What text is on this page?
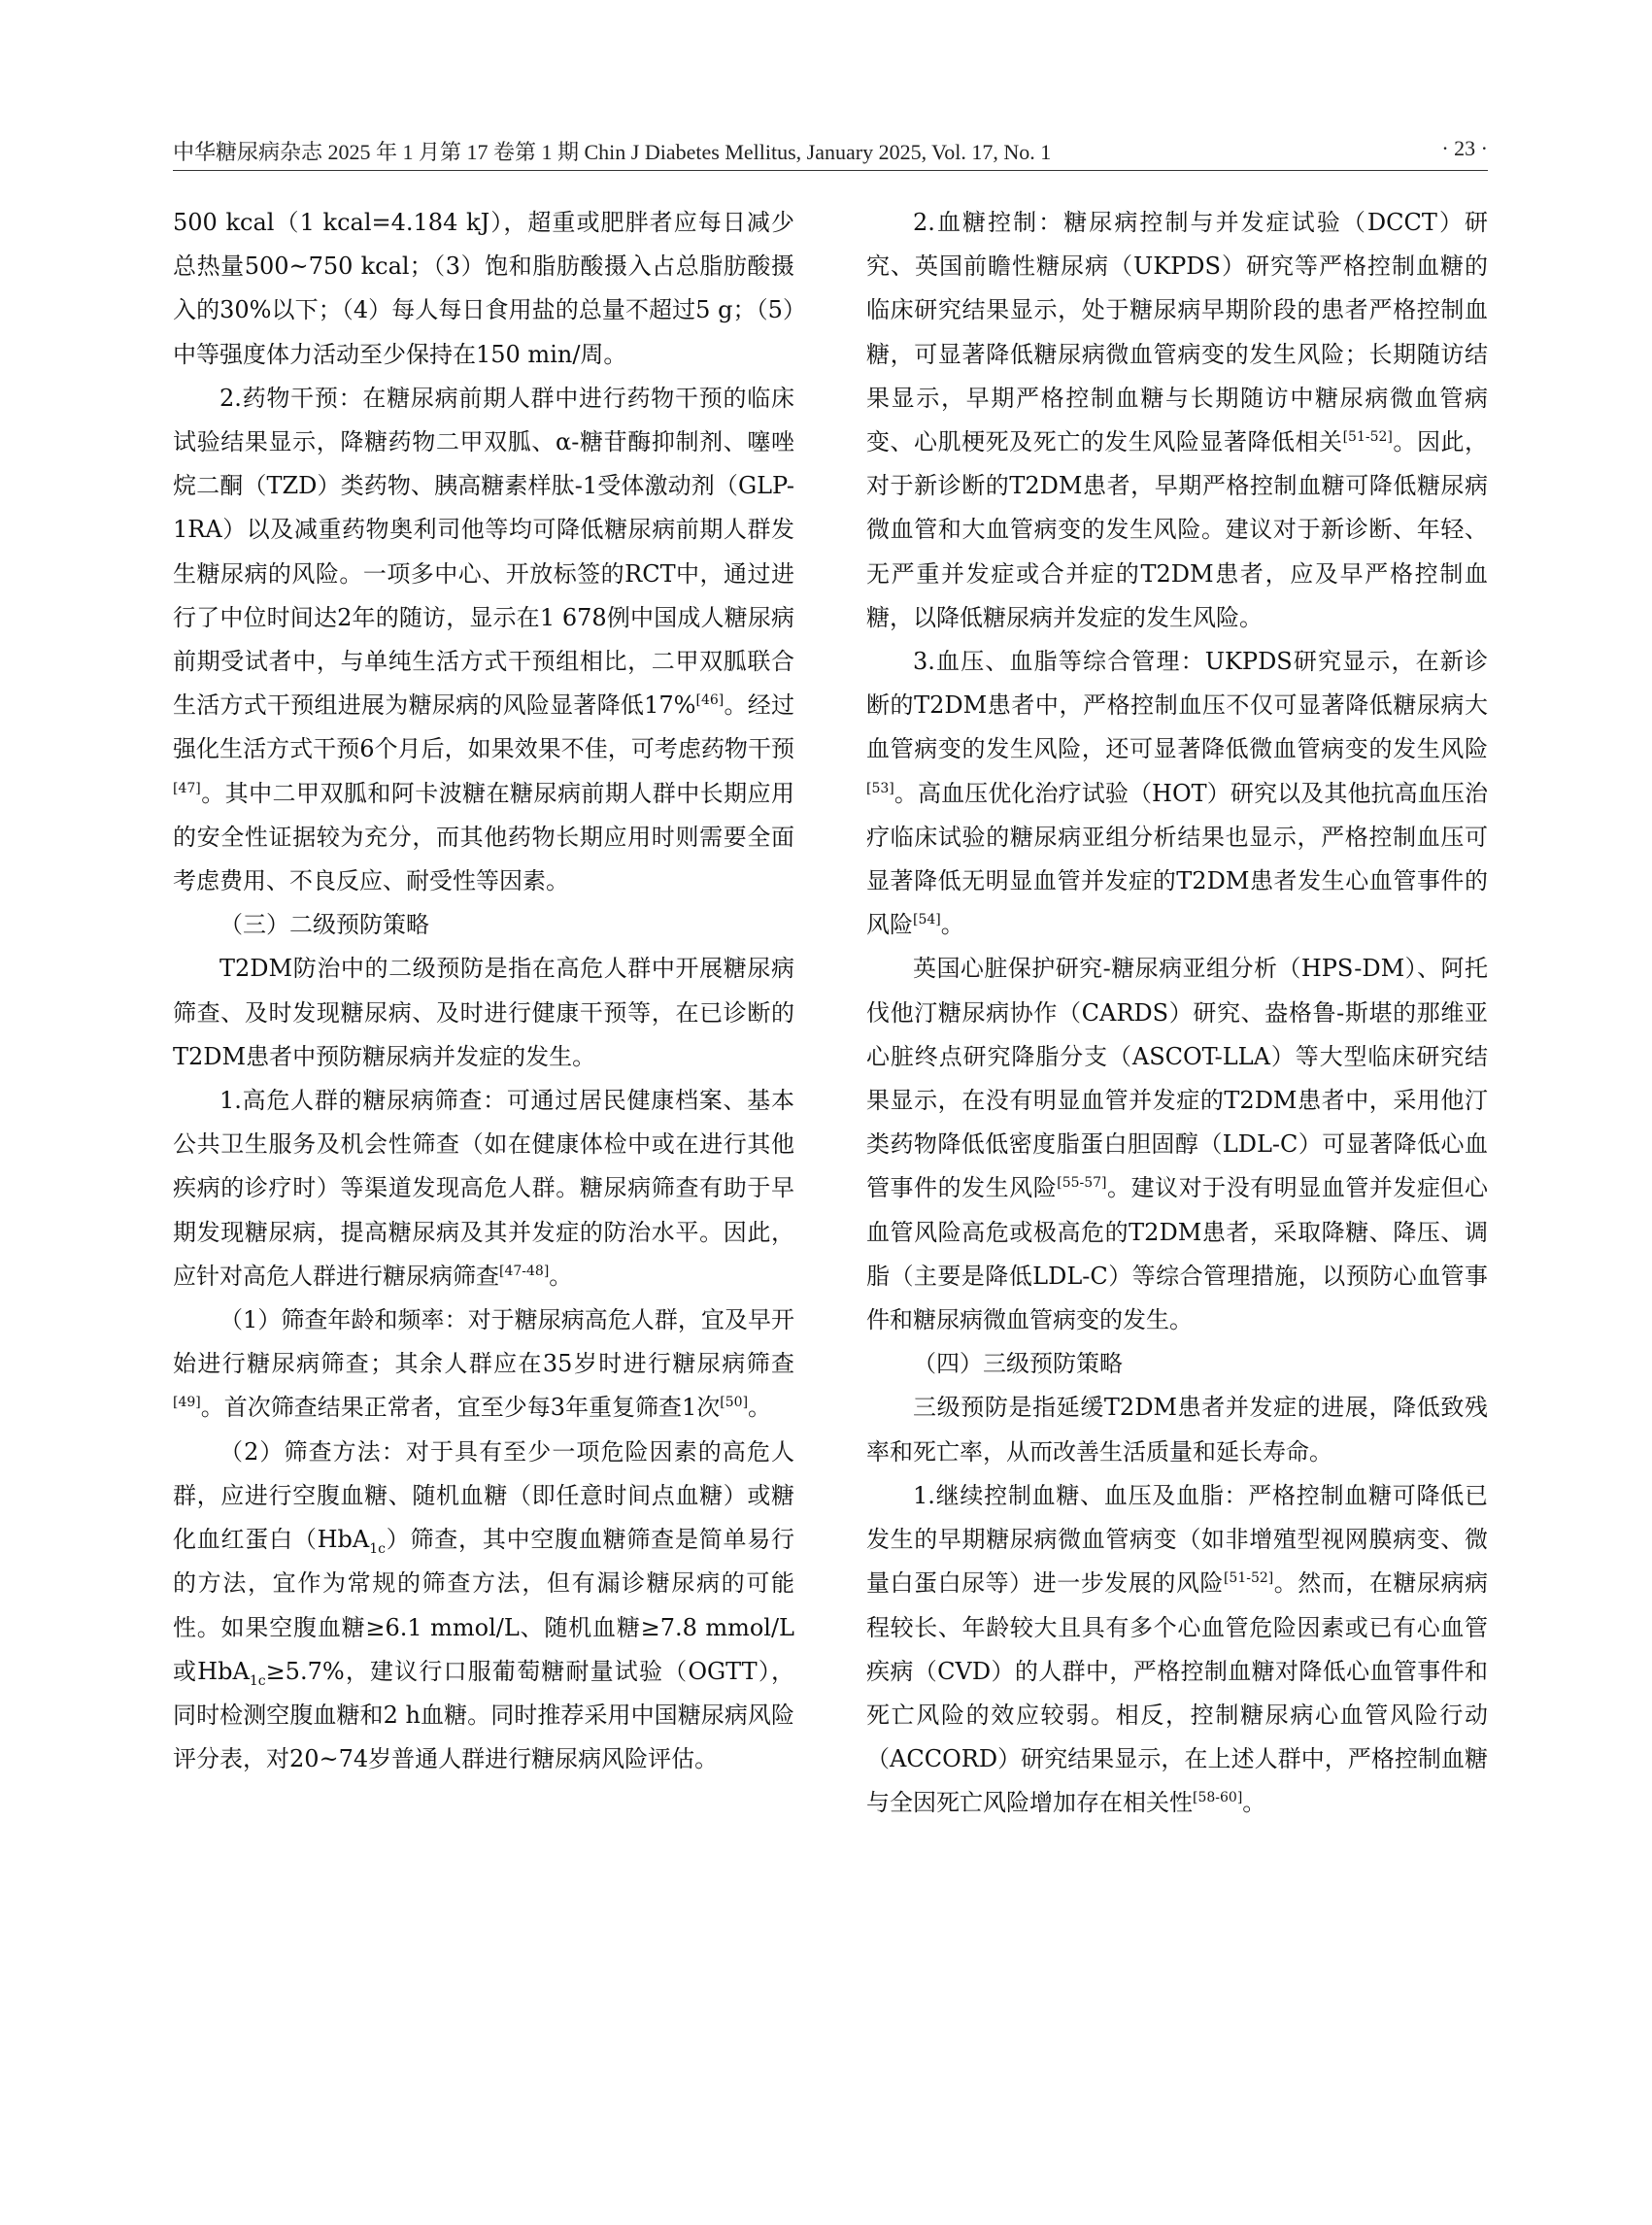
中华糖尿病杂志 2025 年 1 月第 17 卷第 1 期 Chin J Diabetes Mellitus, January 2025, Vol. 17, No. 1	· 23 ·

500 kcal（1 kcal=4.184 kJ），超重或肥胖者应每日减少总热量500~750 kcal；（3）饱和脂肪酸摄入占总脂肪酸摄入的30%以下；（4）每人每日食用盐的总量不超过5 g；（5）中等强度体力活动至少保持在150 min/周。

2.药物干预：在糖尿病前期人群中进行药物干预的临床试验结果显示，降糖药物二甲双胍、α-糖苷酶抑制剂、噻唑烷二酮（TZD）类药物、胰高糖素样肽-1受体激动剂（GLP-1RA）以及减重药物奥利司他等均可降低糖尿病前期人群发生糖尿病的风险。一项多中心、开放标签的RCT中，通过进行了中位时间达2年的随访，显示在1 678例中国成人糖尿病前期受试者中，与单纯生活方式干预组相比，二甲双胍联合生活方式干预组进展为糖尿病的风险显著降低17%[46]。经过强化生活方式干预6个月后，如果效果不佳，可考虑药物干预[47]。其中二甲双胍和阿卡波糖在糖尿病前期人群中长期应用的安全性证据较为充分，而其他药物长期应用时则需要全面考虑费用、不良反应、耐受性等因素。

（三）二级预防策略

T2DM防治中的二级预防是指在高危人群中开展糖尿病筛查、及时发现糖尿病、及时进行健康干预等，在已诊断的T2DM患者中预防糖尿病并发症的发生。

1.高危人群的糖尿病筛查：可通过居民健康档案、基本公共卫生服务及机会性筛查（如在健康体检中或在进行其他疾病的诊疗时）等渠道发现高危人群。糖尿病筛查有助于早期发现糖尿病，提高糖尿病及其并发症的防治水平。因此，应针对高危人群进行糖尿病筛查[47-48]。

（1）筛查年龄和频率：对于糖尿病高危人群，宜及早开始进行糖尿病筛查；其余人群应在35岁时进行糖尿病筛查[49]。首次筛查结果正常者，宜至少每3年重复筛查1次[50]。

（2）筛查方法：对于具有至少一项危险因素的高危人群，应进行空腹血糖、随机血糖（即任意时间点血糖）或糖化血红蛋白（HbA$_{1c}$）筛查，其中空腹血糖筛查是简单易行的方法，宜作为常规的筛查方法，但有漏诊糖尿病的可能性。如果空腹血糖≥6.1 mmol/L、随机血糖≥7.8 mmol/L或HbA$_{1c}$≥5.7%，建议行口服葡萄糖耐量试验（OGTT），同时检测空腹血糖和2 h血糖。同时推荐采用中国糖尿病风险评分表，对20~74岁普通人群进行糖尿病风险评估。

2.血糖控制：糖尿病控制与并发症试验（DCCT）研究、英国前瞻性糖尿病（UKPDS）研究等严格控制血糖的临床研究结果显示，处于糖尿病早期阶段的患者严格控制血糖，可显著降低糖尿病微血管病变的发生风险；长期随访结果显示，早期严格控制血糖与长期随访中糖尿病微血管病变、心肌梗死及死亡的发生风险显著降低相关[51-52]。因此，对于新诊断的T2DM患者，早期严格控制血糖可降低糖尿病微血管和大血管病变的发生风险。建议对于新诊断、年轻、无严重并发症或合并症的T2DM患者，应及早严格控制血糖，以降低糖尿病并发症的发生风险。

3.血压、血脂等综合管理：UKPDS研究显示，在新诊断的T2DM患者中，严格控制血压不仅可显著降低糖尿病大血管病变的发生风险，还可显著降低微血管病变的发生风险[53]。高血压优化治疗试验（HOT）研究以及其他抗高血压治疗临床试验的糖尿病亚组分析结果也显示，严格控制血压可显著降低无明显血管并发症的T2DM患者发生心血管事件的风险[54]。

英国心脏保护研究-糖尿病亚组分析（HPS-DM）、阿托伐他汀糖尿病协作（CARDS）研究、盎格鲁-斯堪的那维亚心脏终点研究降脂分支（ASCOT-LLA）等大型临床研究结果显示，在没有明显血管并发症的T2DM患者中，采用他汀类药物降低低密度脂蛋白胆固醇（LDL-C）可显著降低心血管事件的发生风险[55-57]。建议对于没有明显血管并发症但心血管风险高危或极高危的T2DM患者，采取降糖、降压、调脂（主要是降低LDL-C）等综合管理措施，以预防心血管事件和糖尿病微血管病变的发生。

（四）三级预防策略

三级预防是指延缓T2DM患者并发症的进展，降低致残率和死亡率，从而改善生活质量和延长寿命。

1.继续控制血糖、血压及血脂：严格控制血糖可降低已发生的早期糖尿病微血管病变（如非增殖型视网膜病变、微量白蛋白尿等）进一步发展的风险[51-52]。然而，在糖尿病病程较长、年龄较大且具有多个心血管危险因素或已有心血管疾病（CVD）的人群中，严格控制血糖对降低心血管事件和死亡风险的效应较弱。相反，控制糖尿病心血管风险行动（ACCORD）研究结果显示，在上述人群中，严格控制血糖与全因死亡风险增加存在相关性[58-60]。
